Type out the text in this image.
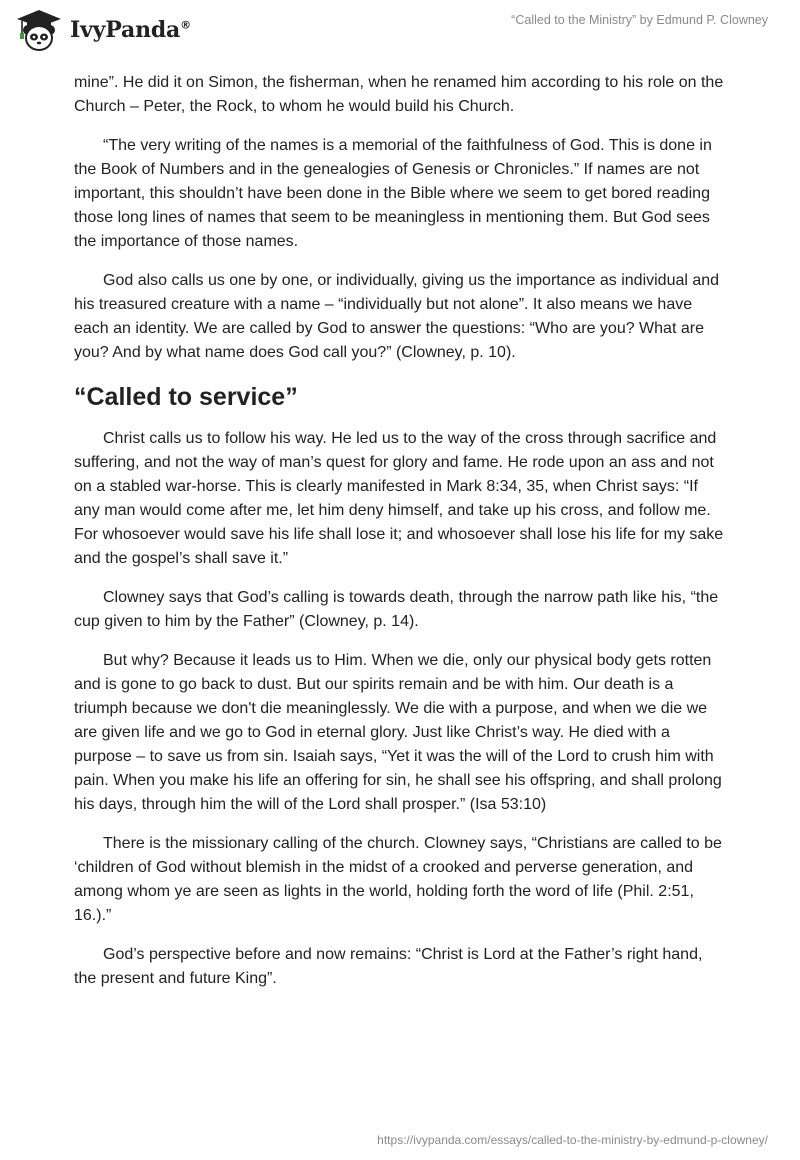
IvyPanda®	“Called to the Ministry” by Edmund P. Clowney

mine”. He did it on Simon, the fisherman, when he renamed him according to his role on the Church – Peter, the Rock, to whom he would build his Church.

“The very writing of the names is a memorial of the faithfulness of God. This is done in the Book of Numbers and in the genealogies of Genesis or Chronicles.” If names are not important, this shouldn’t have been done in the Bible where we seem to get bored reading those long lines of names that seem to be meaningless in mentioning them. But God sees the importance of those names.

God also calls us one by one, or individually, giving us the importance as individual and his treasured creature with a name – “individually but not alone”. It also means we have each an identity. We are called by God to answer the questions: “Who are you? What are you? And by what name does God call you?” (Clowney, p. 10).

“Called to service”

Christ calls us to follow his way. He led us to the way of the cross through sacrifice and suffering, and not the way of man’s quest for glory and fame. He rode upon an ass and not on a stabled war-horse. This is clearly manifested in Mark 8:34, 35, when Christ says: “If any man would come after me, let him deny himself, and take up his cross, and follow me. For whosoever would save his life shall lose it; and whosoever shall lose his life for my sake and the gospel’s shall save it.”

Clowney says that God’s calling is towards death, through the narrow path like his, “the cup given to him by the Father” (Clowney, p. 14).

But why? Because it leads us to Him. When we die, only our physical body gets rotten and is gone to go back to dust. But our spirits remain and be with him. Our death is a triumph because we don't die meaninglessly. We die with a purpose, and when we die we are given life and we go to God in eternal glory. Just like Christ’s way. He died with a purpose – to save us from sin. Isaiah says, “Yet it was the will of the Lord to crush him with pain. When you make his life an offering for sin, he shall see his offspring, and shall prolong his days, through him the will of the Lord shall prosper.” (Isa 53:10)

There is the missionary calling of the church. Clowney says, “Christians are called to be ‘children of God without blemish in the midst of a crooked and perverse generation, and among whom ye are seen as lights in the world, holding forth the word of life (Phil. 2:51, 16.).”

God’s perspective before and now remains: “Christ is Lord at the Father’s right hand, the present and future King”.

https://ivypanda.com/essays/called-to-the-ministry-by-edmund-p-clowney/
